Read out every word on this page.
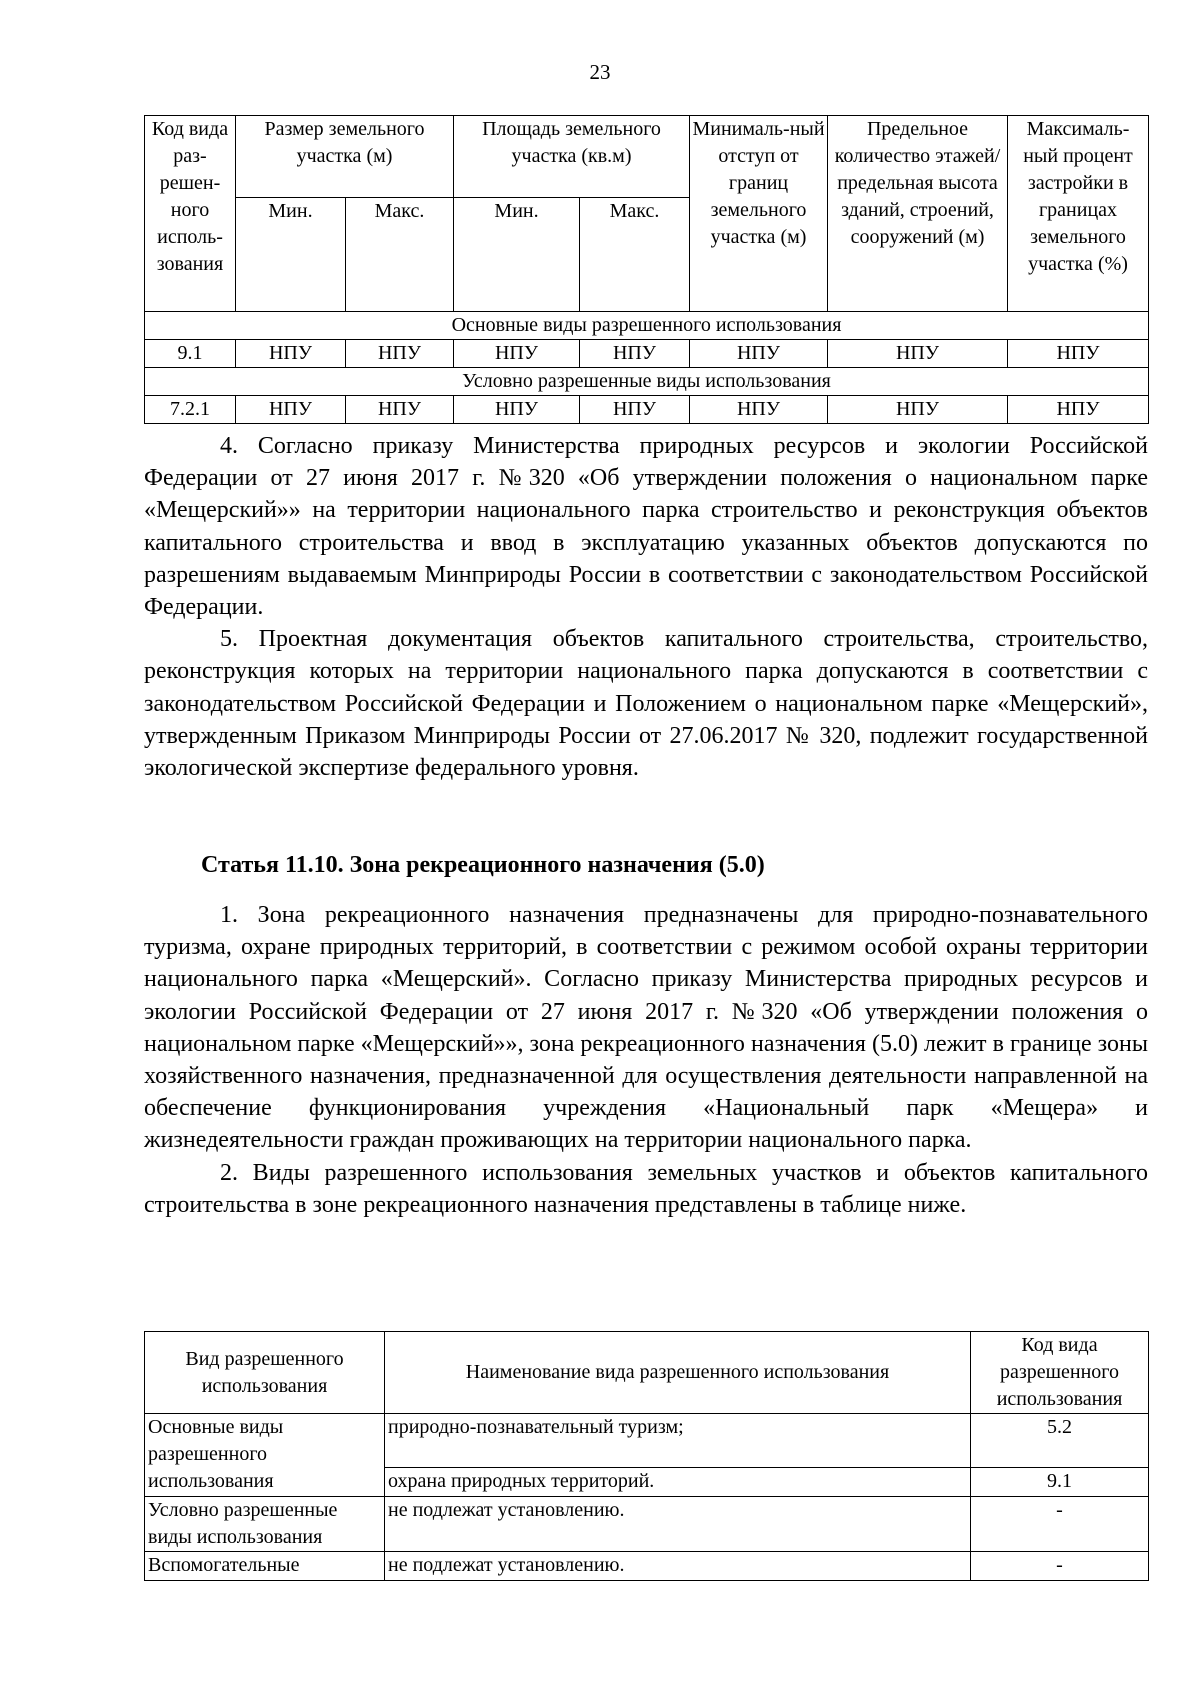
23
Код вида раз-решен-ного исполь-зования	Размер земельного участка (м)		Площадь земельного участка (кв.м)		Минималь-ный отступ от границ земельного участка (м)	Предельное количество этажей/ предельная высота зданий, строений, сооружений (м)	Максималь-ный процент застройки в границах земельного участка (%)
	Мин.	Макс.	Мин.	Макс.			
Основные виды разрешенного использования							
9.1	НПУ	НПУ	НПУ	НПУ	НПУ	НПУ	НПУ
Условно разрешенные виды использования							
7.2.1	НПУ	НПУ	НПУ	НПУ	НПУ	НПУ	НПУ

4. Согласно приказу Министерства природных ресурсов и экологии Российской Федерации от 27 июня 2017 г. №320 «Об утверждении положения о национальном парке «Мещерский»» на территории национального парка строительство и реконструкция объектов капитального строительства и ввод в эксплуатацию указанных объектов допускаются по разрешениям выдаваемым Минприроды России в соответствии с законодательством Российской Федерации.

5. Проектная документация объектов капитального строительства, строительство, реконструкция которых на территории национального парка допускаются в соответствии с законодательством Российской Федерации и Положением о национальном парке «Мещерский», утвержденным Приказом Минприроды России от 27.06.2017 № 320, подлежит государственной экологической экспертизе федерального уровня.

Статья 11.10. Зона рекреационного назначения (5.0)

1. Зона рекреационного назначения предназначены для природно-познавательного туризма, охране природных территорий, в соответствии с режимом особой охраны территории национального парка «Мещерский». Согласно приказу Министерства природных ресурсов и экологии Российской Федерации от 27 июня 2017 г. №320 «Об утверждении положения о национальном парке «Мещерский»», зона рекреационного назначения (5.0) лежит в границе зоны хозяйственного назначения, предназначенной для осуществления деятельности направленной на обеспечение функционирования учреждения «Национальный парк «Мещера» и жизнедеятельности граждан проживающих на территории национального парка.

2. Виды разрешенного использования земельных участков и объектов капитального строительства в зоне рекреационного назначения представлены в таблице ниже.

Вид разрешенного использования	Наименование вида разрешенного использования	Код вида разрешенного использования
Основные виды разрешенного использования	природно-познавательный туризм;	5.2
	охрана природных территорий.	9.1
Условно разрешенные виды использования	не подлежат установлению.	-
Вспомогательные	не подлежат установлению.	-
